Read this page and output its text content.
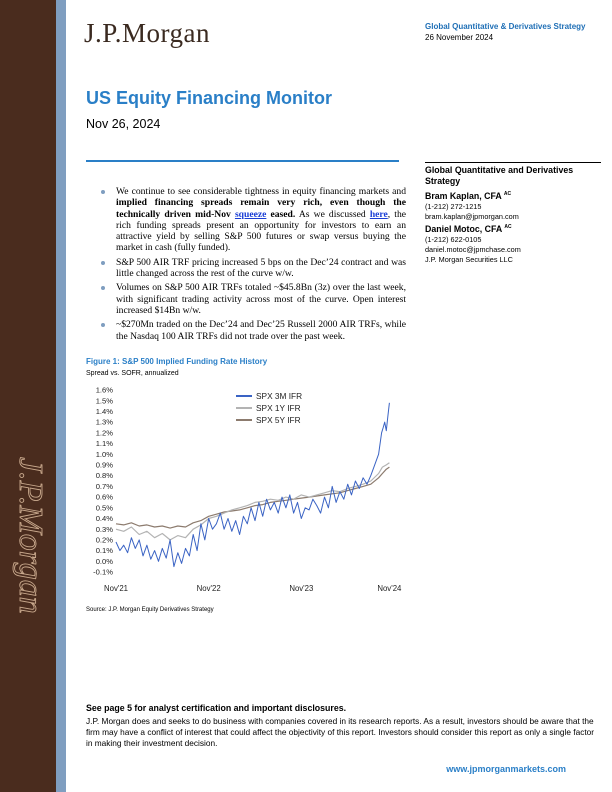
J.P.Morgan
J.P.Morgan	Global Quantitative & Derivatives Strategy
26 November 2024
US Equity Financing Monitor
Nov 26, 2024
We continue to see considerable tightness in equity financing markets and implied financing spreads remain very rich, even though the technically driven mid-Nov squeeze eased. As we discussed here, the rich funding spreads present an opportunity for investors to earn an attractive yield by selling S&P 500 futures or swap versus buying the market in cash (fully funded).
S&P 500 AIR TRF pricing increased 5 bps on the Dec’24 contract and was little changed across the rest of the curve w/w.
Volumes on S&P 500 AIR TRFs totaled ~$45.8Bn (3z) over the last week, with significant trading activity across most of the curve. Open interest increased $14Bn w/w.
~$270Mn traded on the Dec’24 and Dec’25 Russell 2000 AIR TRFs, while the Nasdaq 100 AIR TRFs did not trade over the past week.
Global Quantitative and Derivatives Strategy
Bram Kaplan, CFA $^{AC}$
(1-212) 272-1215
bram.kaplan@jpmorgan.com
Daniel Motoc, CFA $^{AC}$
(1-212) 622-0105
daniel.motoc@jpmchase.com
J.P. Morgan Securities LLC
Figure 1: S&P 500 Implied Funding Rate History
Spread vs. SOFR, annualized
1.6%
1.5%
1.4%
1.3%
1.2%
1.1%
1.0%
0.9%
0.8%
0.7%
0.6%
0.5%
0.4%
0.3%
0.2%
0.1%
0.0%
-0.1%
Nov'21	Nov'22	Nov'23	Nov'24
SPX 3M IFR
SPX 1Y IFR
SPX 5Y IFR
Source: J.P. Morgan Equity Derivatives Strategy
See page 5 for analyst certification and important disclosures.
J.P. Morgan does and seeks to do business with companies covered in its research reports. As a result, investors should be aware that the firm may have a conflict of interest that could affect the objectivity of this report. Investors should consider this report as only a single factor in making their investment decision.
www.jpmorganmarkets.com
